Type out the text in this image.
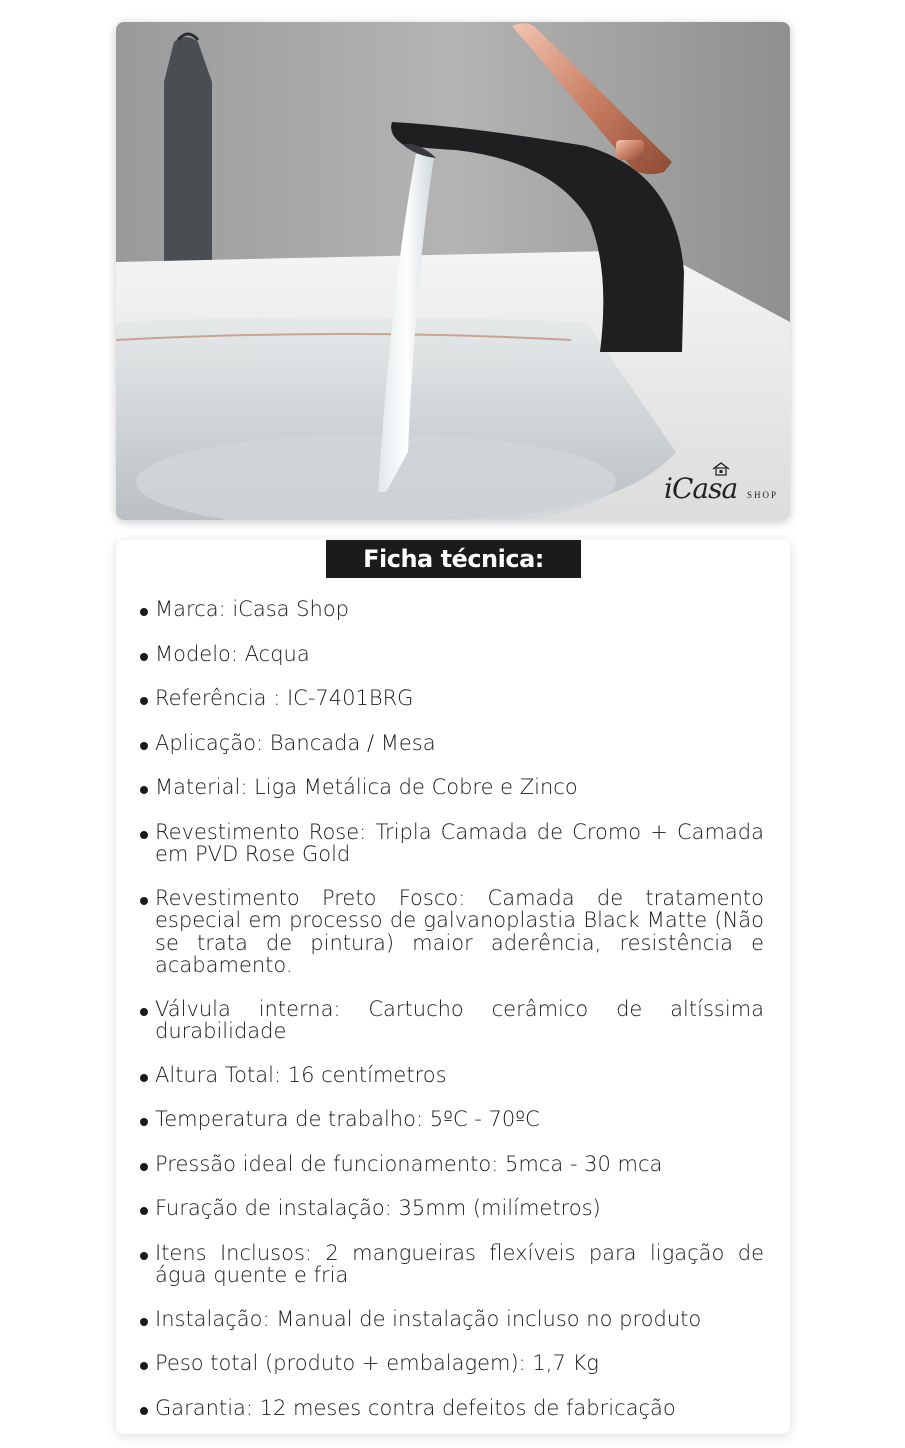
iCasa SHOP
Ficha técnica:
Marca: iCasa Shop
Modelo: Acqua
Referência : IC-7401BRG
Aplicação: Bancada / Mesa
Material: Liga Metálica de Cobre e Zinco
Revestimento Rose: Tripla Camada de Cromo + Camada em PVD Rose Gold
Revestimento Preto Fosco: Camada de tratamento especial em processo de galvanoplastia Black Matte (Não se trata de pintura) maior aderência, resistência e acabamento.
Válvula interna: Cartucho cerâmico de altíssima durabilidade
Altura Total: 16 centímetros
Temperatura de trabalho: 5ºC - 70ºC
Pressão ideal de funcionamento: 5mca - 30 mca
Furação de instalação: 35mm (milímetros)
Itens Inclusos: 2 mangueiras flexíveis para ligação de água quente e fria
Instalação: Manual de instalação incluso no produto
Peso total (produto + embalagem): 1,7 Kg
Garantia: 12 meses contra defeitos de fabricação
